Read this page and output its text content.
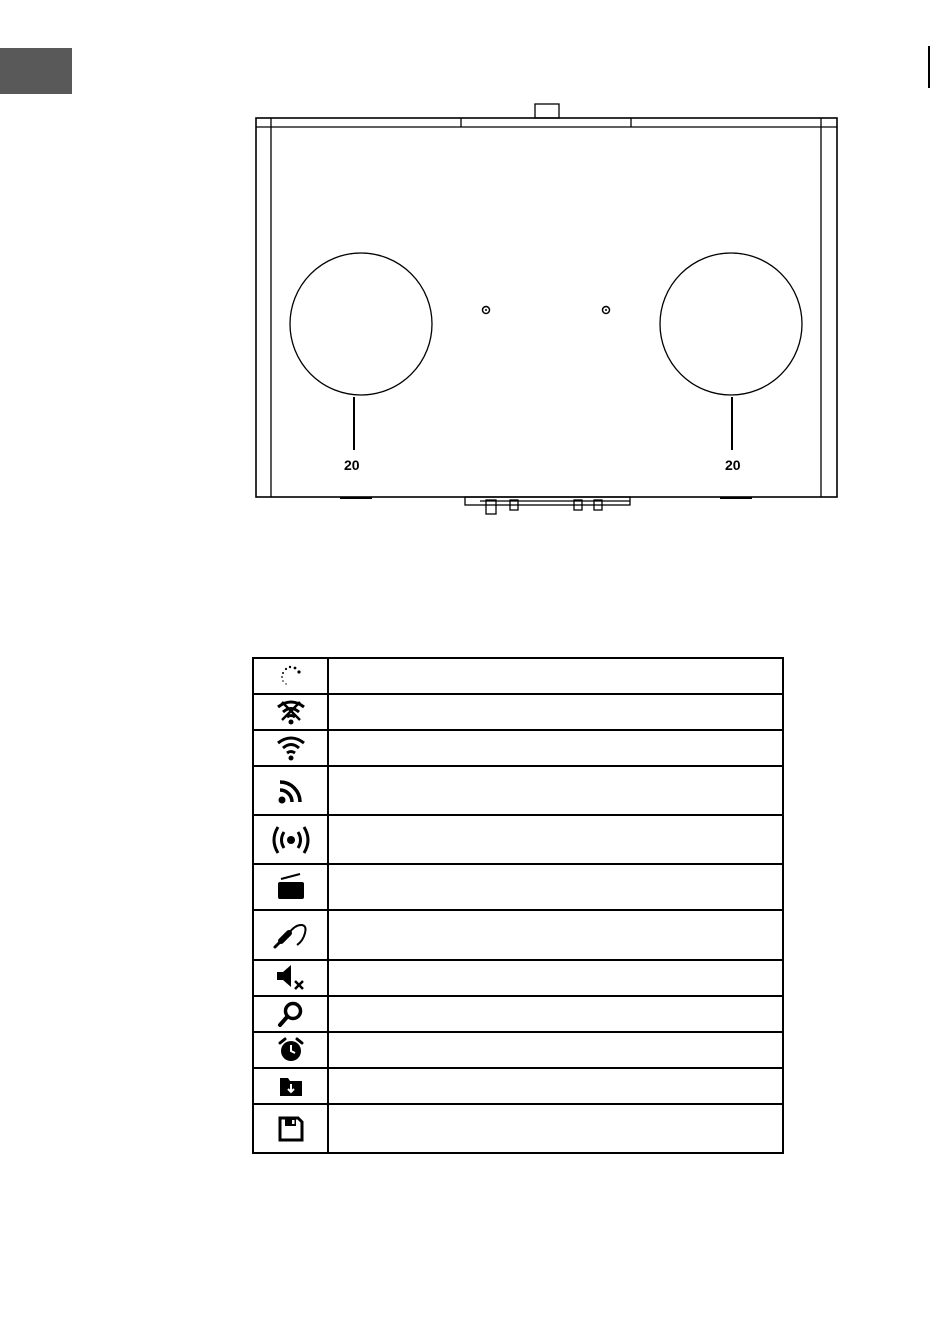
20	20
